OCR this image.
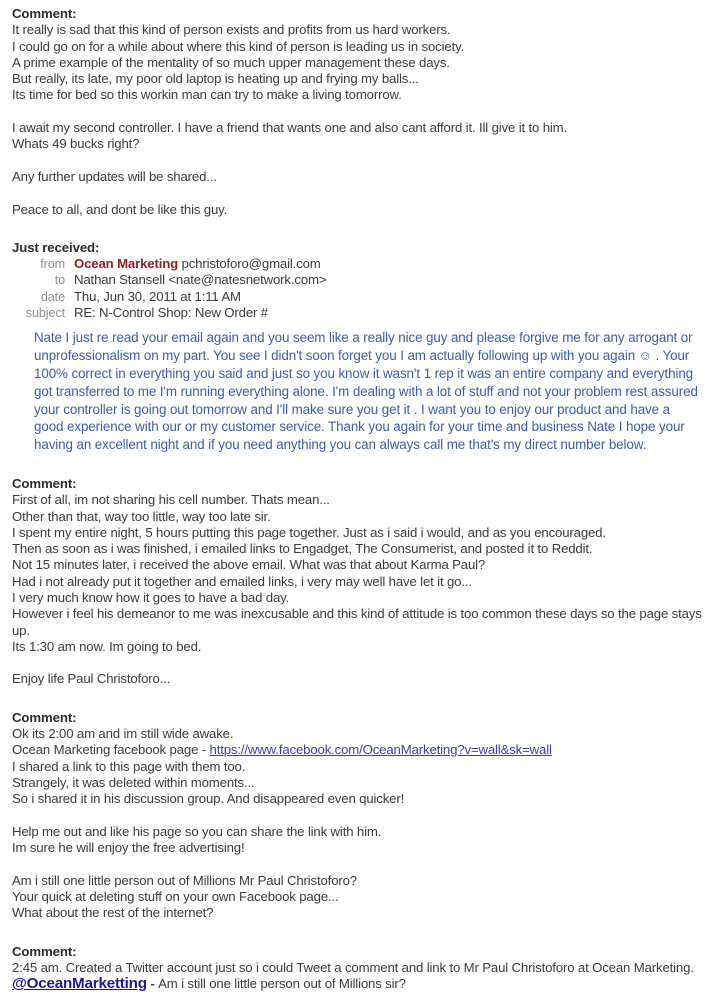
Comment:
It really is sad that this kind of person exists and profits from us hard workers.
I could go on for a while about where this kind of person is leading us in society.
A prime example of the mentality of so much upper management these days.
But really, its late, my poor old laptop is heating up and frying my balls...
Its time for bed so this workin man can try to make a living tomorrow.
I await my second controller. I have a friend that wants one and also cant afford it. Ill give it to him.
Whats 49 bucks right?
Any further updates will be shared...
Peace to all, and dont be like this guy.
Just received:
from Ocean Marketing pchristoforo@gmail.com
to Nathan Stansell <nate@natesnetwork.com>
date Thu, Jun 30, 2011 at 1:11 AM
subject RE: N-Control Shop: New Order #
Nate I just re read your email again and you seem like a really nice guy and please forgive me for any arrogant or unprofessionalism on my part. You see I didn't soon forget you I am actually following up with you again ☺ . Your 100% correct in everything you said and just so you know it wasn't 1 rep it was an entire company and everything got transferred to me I'm running everything alone. I'm dealing with a lot of stuff and not your problem rest assured your controller is going out tomorrow and I'll make sure you get it . I want you to enjoy our product and have a good experience with our or my customer service. Thank you again for your time and business Nate I hope your having an excellent night and if you need anything you can always call me that's my direct number below.
Comment:
First of all, im not sharing his cell number. Thats mean...
Other than that, way too little, way too late sir.
I spent my entire night, 5 hours putting this page together. Just as i said i would, and as you encouraged.
Then as soon as i was finished, i emailed links to Engadget, The Consumerist, and posted it to Reddit.
Not 15 minutes later, i received the above email. What was that about Karma Paul?
Had i not already put it together and emailed links, i very may well have let it go...
I very much know how it goes to have a bad day.
However i feel his demeanor to me was inexcusable and this kind of attitude is too common these days so the page stays up.
Its 1:30 am now. Im going to bed.
Enjoy life Paul Christoforo...
Comment:
Ok its 2:00 am and im still wide awake.
Ocean Marketing facebook page - https://www.facebook.com/OceanMarketing?v=wall&sk=wall
I shared a link to this page with them too.
Strangely, it was deleted within moments...
So i shared it in his discussion group. And disappeared even quicker!
Help me out and like his page so you can share the link with him.
Im sure he will enjoy the free advertising!
Am i still one little person out of Millions Mr Paul Christoforo?
Your quick at deleting stuff on your own Facebook page...
What about the rest of the internet?
Comment:
2:45 am. Created a Twitter account just so i could Tweet a comment and link to Mr Paul Christoforo at Ocean Marketing.
@OceanMarketting - Am i still one little person out of Millions sir?
